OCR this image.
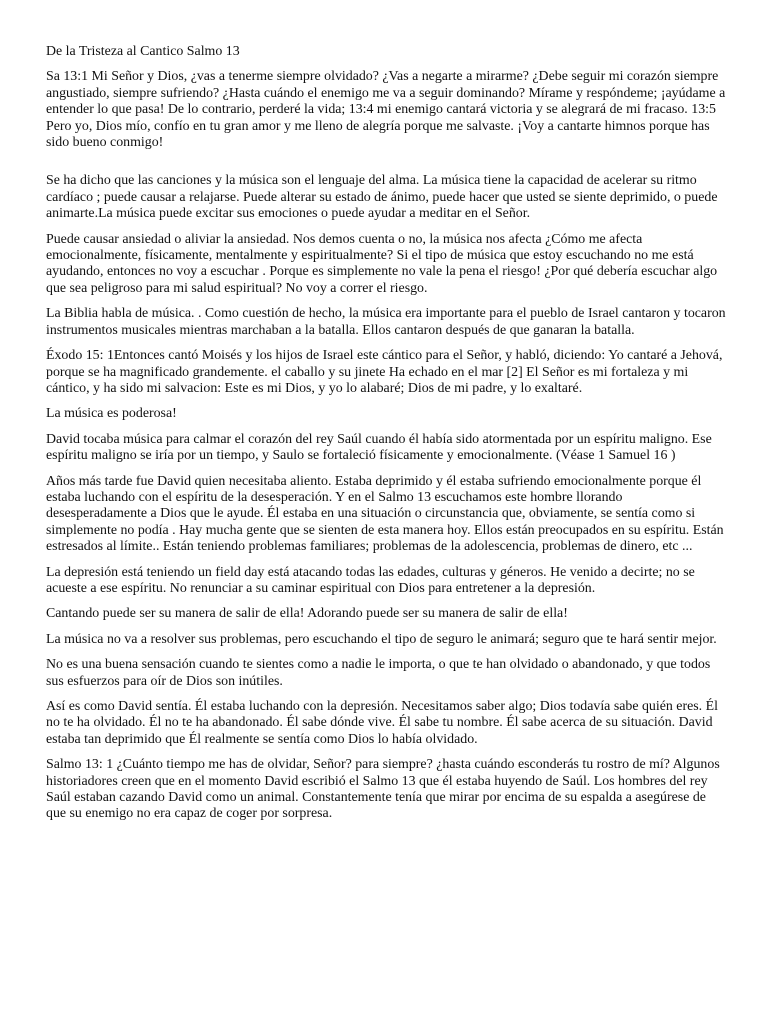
De la Tristeza al Cantico Salmo 13

Sa 13:1 Mi Señor y Dios, ¿vas a tenerme siempre olvidado? ¿Vas a negarte a mirarme? ¿Debe seguir mi corazón siempre angustiado, siempre sufriendo? ¿Hasta cuándo el enemigo me va a seguir dominando? Mírame y respóndeme; ¡ayúdame a entender lo que pasa! De lo contrario, perderé la vida; 13:4 mi enemigo cantará victoria y se alegrará de mi fracaso. 13:5 Pero yo, Dios mío, confío en tu gran amor y me lleno de alegría porque me salvaste. ¡Voy a cantarte himnos porque has sido bueno conmigo!

Se ha dicho que las canciones y la música son el lenguaje del alma. La música tiene la capacidad de acelerar su ritmo cardíaco ; puede causar a relajarse. Puede alterar su estado de ánimo, puede hacer que usted se siente deprimido, o puede animarte.La música puede excitar sus emociones o puede ayudar a meditar en el Señor.

Puede causar ansiedad o aliviar la ansiedad. Nos demos cuenta o no, la música nos afecta ¿Cómo me afecta emocionalmente, físicamente, mentalmente y espiritualmente? Si el tipo de música que estoy escuchando no me está ayudando, entonces no voy a escuchar . Porque es simplemente no vale la pena el riesgo! ¿Por qué debería escuchar algo que sea peligroso para mi salud espiritual? No voy a correr el riesgo.

La Biblia habla de música. . Como cuestión de hecho, la música era importante para el pueblo de Israel cantaron y tocaron instrumentos musicales mientras marchaban a la batalla. Ellos cantaron después de que ganaran la batalla.

Éxodo 15: 1Entonces cantó Moisés y los hijos de Israel este cántico para el Señor, y habló, diciendo: Yo cantaré a Jehová, porque se ha magnificado grandemente. el caballo y su jinete Ha echado en el mar [2] El Señor es mi fortaleza y mi cántico, y ha sido mi salvacion: Este es mi Dios, y yo lo alabaré; Dios de mi padre, y lo exaltaré.

La música es poderosa!

David tocaba música para calmar el corazón del rey Saúl cuando él había sido atormentada por un espíritu maligno. Ese espíritu maligno se iría por un tiempo, y Saulo se fortaleció físicamente y emocionalmente. (Véase 1 Samuel 16 )

Años más tarde fue David quien necesitaba aliento. Estaba deprimido y él estaba sufriendo emocionalmente porque él estaba luchando con el espíritu de la desesperación. Y en el Salmo 13 escuchamos este hombre llorando desesperadamente a Dios que le ayude. Él estaba en una situación o circunstancia que, obviamente, se sentía como si simplemente no podía . Hay mucha gente que se sienten de esta manera hoy. Ellos están preocupados en su espíritu. Están estresados al límite.. Están teniendo problemas familiares; problemas de la adolescencia, problemas de dinero, etc ...

La depresión está teniendo un field day está atacando todas las edades, culturas y géneros. He venido a decirte; no se acueste a ese espíritu. No renunciar a su caminar espiritual con Dios para entretener a la depresión.

Cantando puede ser su manera de salir de ella! Adorando puede ser su manera de salir de ella!

La música no va a resolver sus problemas, pero escuchando el tipo de seguro le animará; seguro que te hará sentir mejor.

No es una buena sensación cuando te sientes como a nadie le importa, o que te han olvidado o abandonado, y que todos sus esfuerzos para oír de Dios son inútiles.

Así es como David sentía. Él estaba luchando con la depresión. Necesitamos saber algo; Dios todavía sabe quién eres. Él no te ha olvidado. Él no te ha abandonado. Él sabe dónde vive. Él sabe tu nombre. Él sabe acerca de su situación. David estaba tan deprimido que Él realmente se sentía como Dios lo había olvidado.

Salmo 13: 1 ¿Cuánto tiempo me has de olvidar, Señor? para siempre? ¿hasta cuándo esconderás tu rostro de mí? Algunos historiadores creen que en el momento David escribió el Salmo 13 que él estaba huyendo de Saúl. Los hombres del rey Saúl estaban cazando David como un animal. Constantemente tenía que mirar por encima de su espalda a asegúrese de que su enemigo no era capaz de coger por sorpresa.
